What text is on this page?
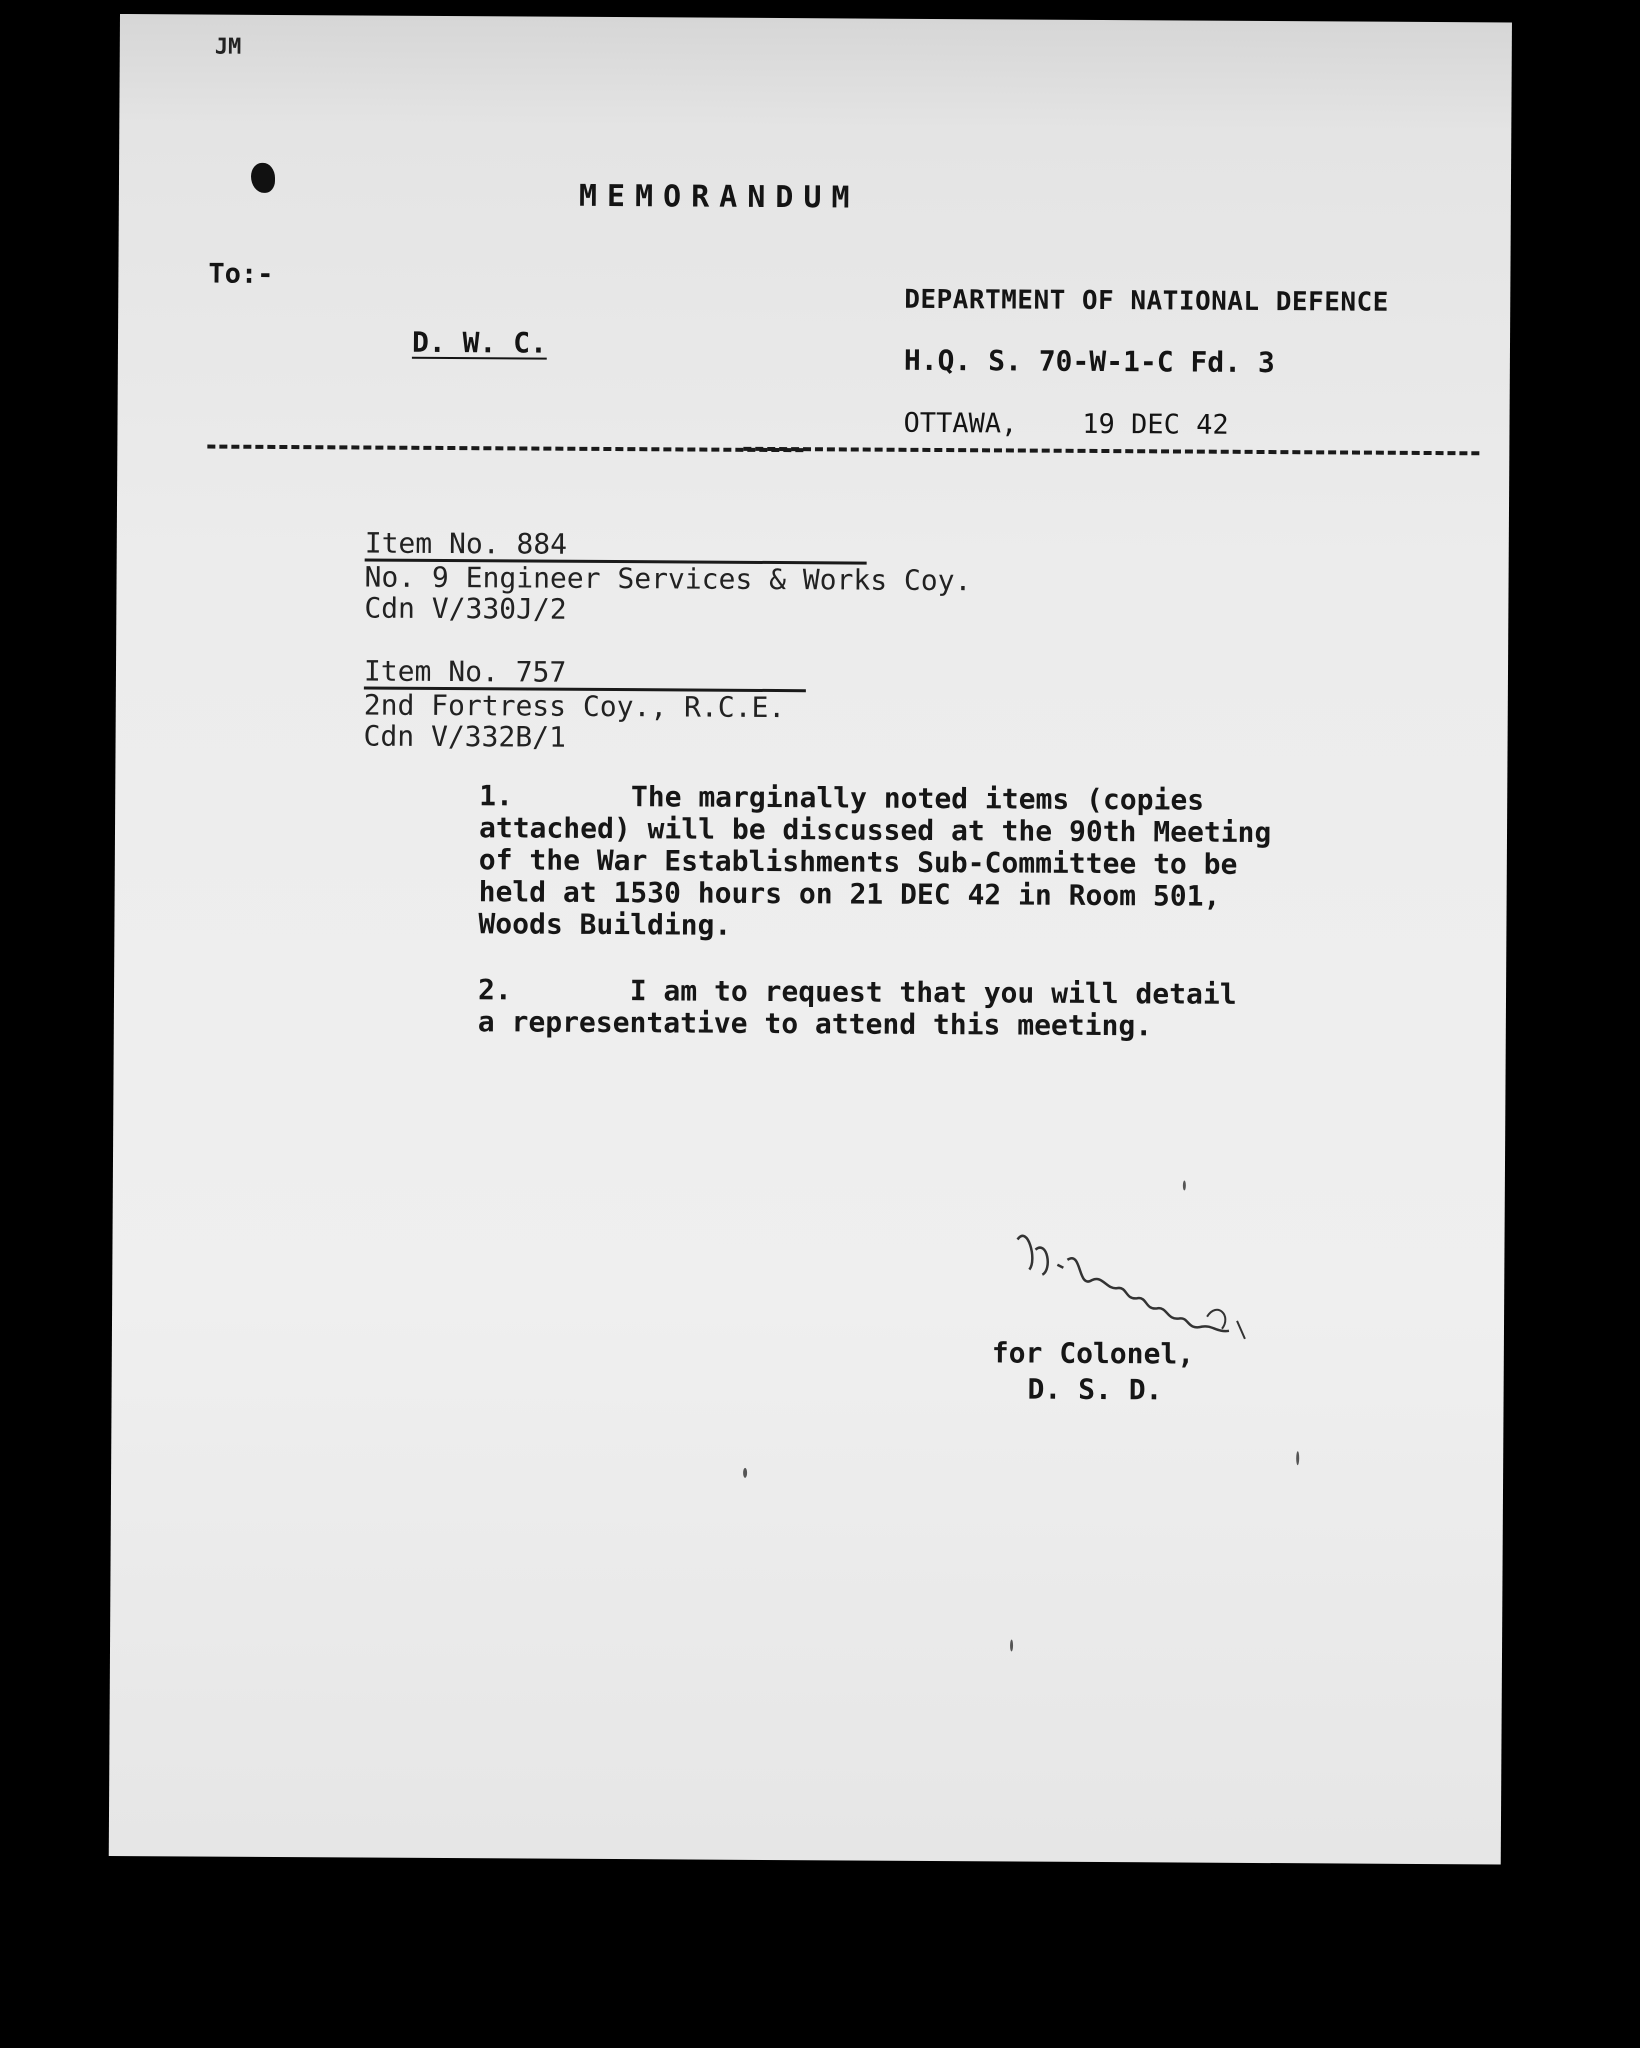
JM
MEMORANDUM
To:-
D. W. C.
DEPARTMENT OF NATIONAL DEFENCE
H.Q. S. 70-W-1-C Fd. 3
OTTAWA, 19 DEC 42
Item No. 884
No. 9 Engineer Services & Works Coy.
Cdn V/330J/2
Item No. 757
2nd Fortress Coy., R.C.E.
Cdn V/332B/1
1.       The marginally noted items (copies
attached) will be discussed at the 90th Meeting
of the War Establishments Sub-Committee to be
held at 1530 hours on 21 DEC 42 in Room 501,
Woods Building.
2.       I am to request that you will detail
a representative to attend this meeting.
for Colonel,
D. S. D.
